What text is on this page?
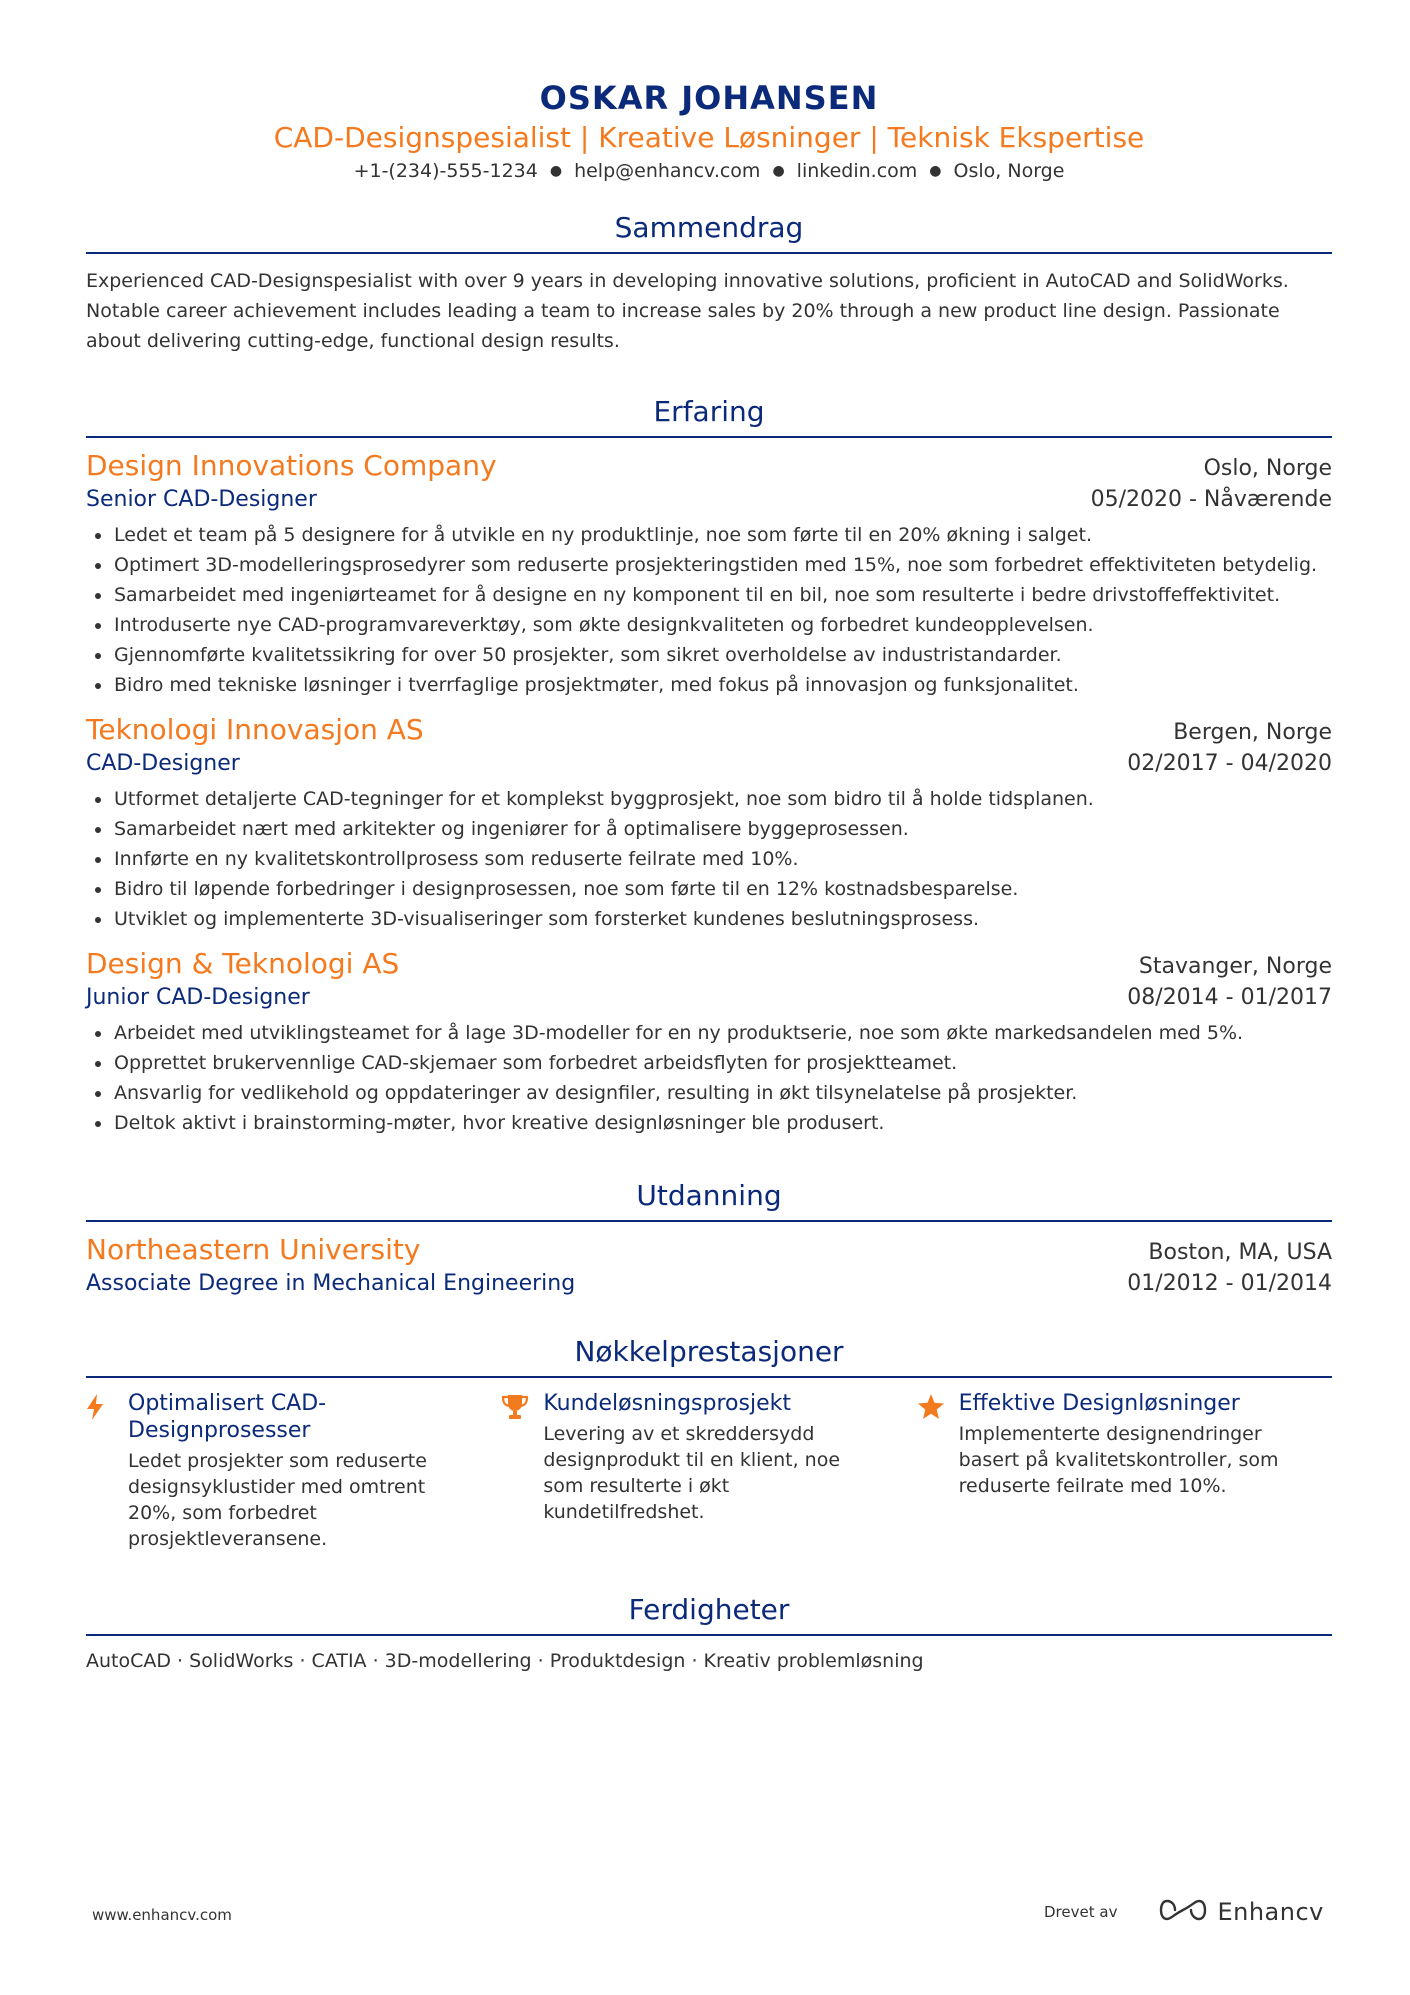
OSKAR JOHANSEN
CAD-Designspesialist | Kreative Løsninger | Teknisk Ekspertise
+1-(234)-555-1234 ● help@enhancv.com ● linkedin.com ● Oslo, Norge
Sammendrag
Experienced CAD-Designspesialist with over 9 years in developing innovative solutions, proficient in AutoCAD and SolidWorks. Notable career achievement includes leading a team to increase sales by 20% through a new product line design. Passionate about delivering cutting-edge, functional design results.
Erfaring
Design Innovations Company	Oslo, Norge
Senior CAD-Designer	05/2020 - Nåværende
Ledet et team på 5 designere for å utvikle en ny produktlinje, noe som førte til en 20% økning i salget.
Optimert 3D-modelleringsprosedyrer som reduserte prosjekteringstiden med 15%, noe som forbedret effektiviteten betydelig.
Samarbeidet med ingeniørteamet for å designe en ny komponent til en bil, noe som resulterte i bedre drivstoffeffektivitet.
Introduserte nye CAD-programvareverktøy, som økte designkvaliteten og forbedret kundeopplevelsen.
Gjennomførte kvalitetssikring for over 50 prosjekter, som sikret overholdelse av industristandarder.
Bidro med tekniske løsninger i tverrfaglige prosjektmøter, med fokus på innovasjon og funksjonalitet.
Teknologi Innovasjon AS	Bergen, Norge
CAD-Designer	02/2017 - 04/2020
Utformet detaljerte CAD-tegninger for et komplekst byggprosjekt, noe som bidro til å holde tidsplanen.
Samarbeidet nært med arkitekter og ingeniører for å optimalisere byggeprosessen.
Innførte en ny kvalitetskontrollprosess som reduserte feilrate med 10%.
Bidro til løpende forbedringer i designprosessen, noe som førte til en 12% kostnadsbesparelse.
Utviklet og implementerte 3D-visualiseringer som forsterket kundenes beslutningsprosess.
Design & Teknologi AS	Stavanger, Norge
Junior CAD-Designer	08/2014 - 01/2017
Arbeidet med utviklingsteamet for å lage 3D-modeller for en ny produktserie, noe som økte markedsandelen med 5%.
Opprettet brukervennlige CAD-skjemaer som forbedret arbeidsflyten for prosjektteamet.
Ansvarlig for vedlikehold og oppdateringer av designfiler, resulting in økt tilsynelatelse på prosjekter.
Deltok aktivt i brainstorming-møter, hvor kreative designløsninger ble produsert.
Utdanning
Northeastern University	Boston, MA, USA
Associate Degree in Mechanical Engineering	01/2012 - 01/2014
Nøkkelprestasjoner
Optimalisert CAD-Designprosesser
Ledet prosjekter som reduserte designsyklustider med omtrent 20%, som forbedret prosjektleveransene.
Kundeløsningsprosjekt
Levering av et skreddersydd designprodukt til en klient, noe som resulterte i økt kundetilfredshet.
Effektive Designløsninger
Implementerte designendringer basert på kvalitetskontroller, som reduserte feilrate med 10%.
Ferdigheter
AutoCAD · SolidWorks · CATIA · 3D-modellering · Produktdesign · Kreativ problemløsning
www.enhancv.com	Drevet av	Enhancv
